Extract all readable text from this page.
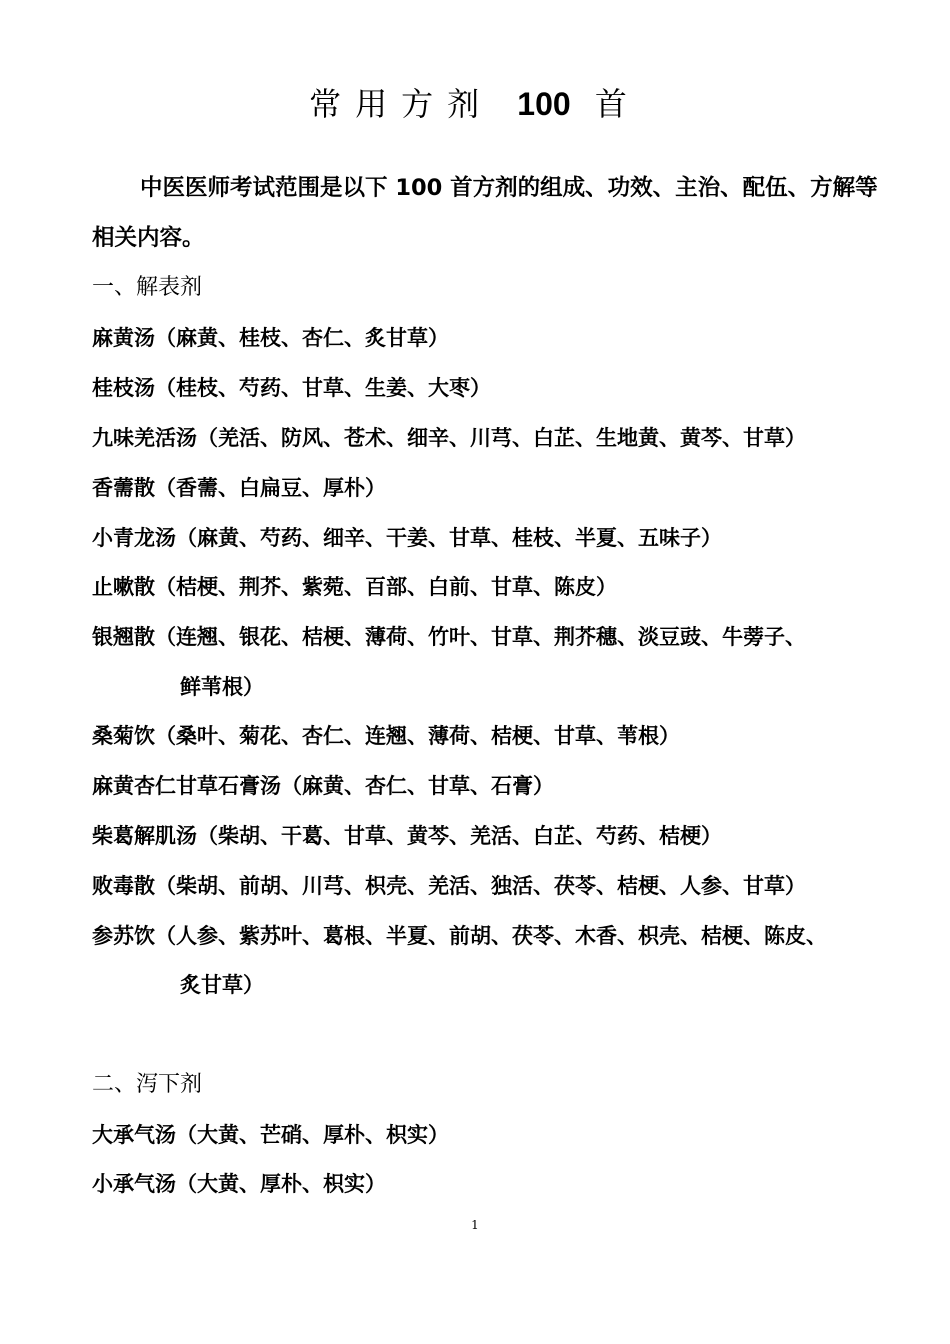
常用方剂 100 首
中医医师考试范围是以下 100 首方剂的组成、功效、主治、配伍、方解等相关内容。
一、解表剂
麻黄汤（麻黄、桂枝、杏仁、炙甘草）
桂枝汤（桂枝、芍药、甘草、生姜、大枣）
九味羌活汤（羌活、防风、苍术、细辛、川芎、白芷、生地黄、黄芩、甘草）
香薷散（香薷、白扁豆、厚朴）
小青龙汤（麻黄、芍药、细辛、干姜、甘草、桂枝、半夏、五味子）
止嗽散（桔梗、荆芥、紫菀、百部、白前、甘草、陈皮）
银翘散（连翘、银花、桔梗、薄荷、竹叶、甘草、荆芥穗、淡豆豉、牛蒡子、
鲜苇根）
桑菊饮（桑叶、菊花、杏仁、连翘、薄荷、桔梗、甘草、苇根）
麻黄杏仁甘草石膏汤（麻黄、杏仁、甘草、石膏）
柴葛解肌汤（柴胡、干葛、甘草、黄芩、羌活、白芷、芍药、桔梗）
败毒散（柴胡、前胡、川芎、枳壳、羌活、独活、茯苓、桔梗、人参、甘草）
参苏饮（人参、紫苏叶、葛根、半夏、前胡、茯苓、木香、枳壳、桔梗、陈皮、
炙甘草）
二、泻下剂
大承气汤（大黄、芒硝、厚朴、枳实）
小承气汤（大黄、厚朴、枳实）
1
